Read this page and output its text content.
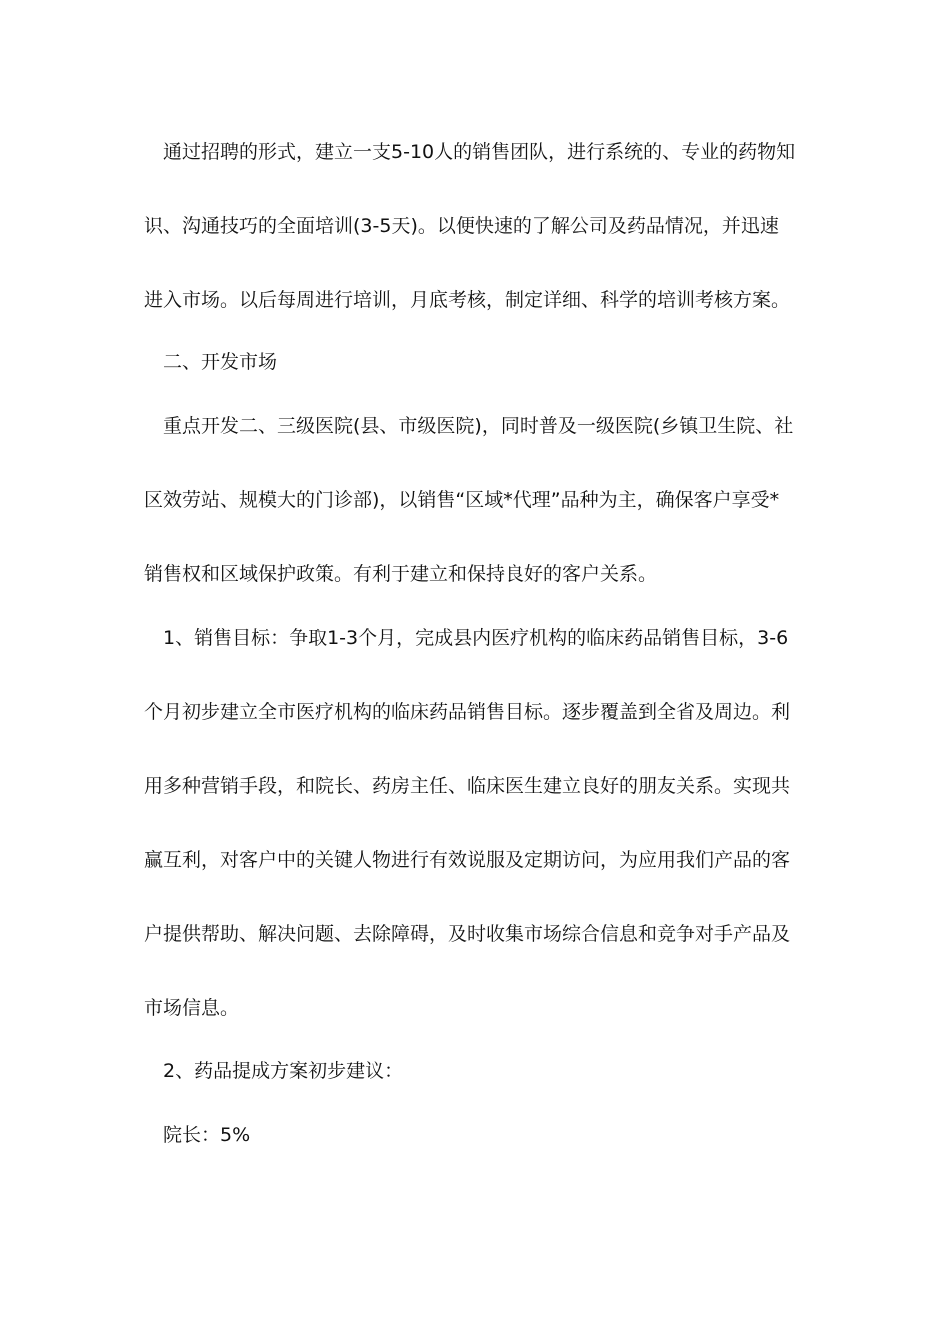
通过招聘的形式，建立一支5-10人的销售团队，进行系统的、专业的药物知
识、沟通技巧的全面培训(3-5天)。以便快速的了解公司及药品情况，并迅速
进入市场。以后每周进行培训，月底考核，制定详细、科学的培训考核方案。
二、开发市场
重点开发二、三级医院(县、市级医院)，同时普及一级医院(乡镇卫生院、社
区效劳站、规模大的门诊部)，以销售“区域*代理”品种为主，确保客户享受*
销售权和区域保护政策。有利于建立和保持良好的客户关系。
1、销售目标：争取1-3个月，完成县内医疗机构的临床药品销售目标，3-6
个月初步建立全市医疗机构的临床药品销售目标。逐步覆盖到全省及周边。利
用多种营销手段，和院长、药房主任、临床医生建立良好的朋友关系。实现共
赢互利，对客户中的关键人物进行有效说服及定期访问，为应用我们产品的客
户提供帮助、解决问题、去除障碍，及时收集市场综合信息和竞争对手产品及
市场信息。
2、药品提成方案初步建议：
院长：5%
